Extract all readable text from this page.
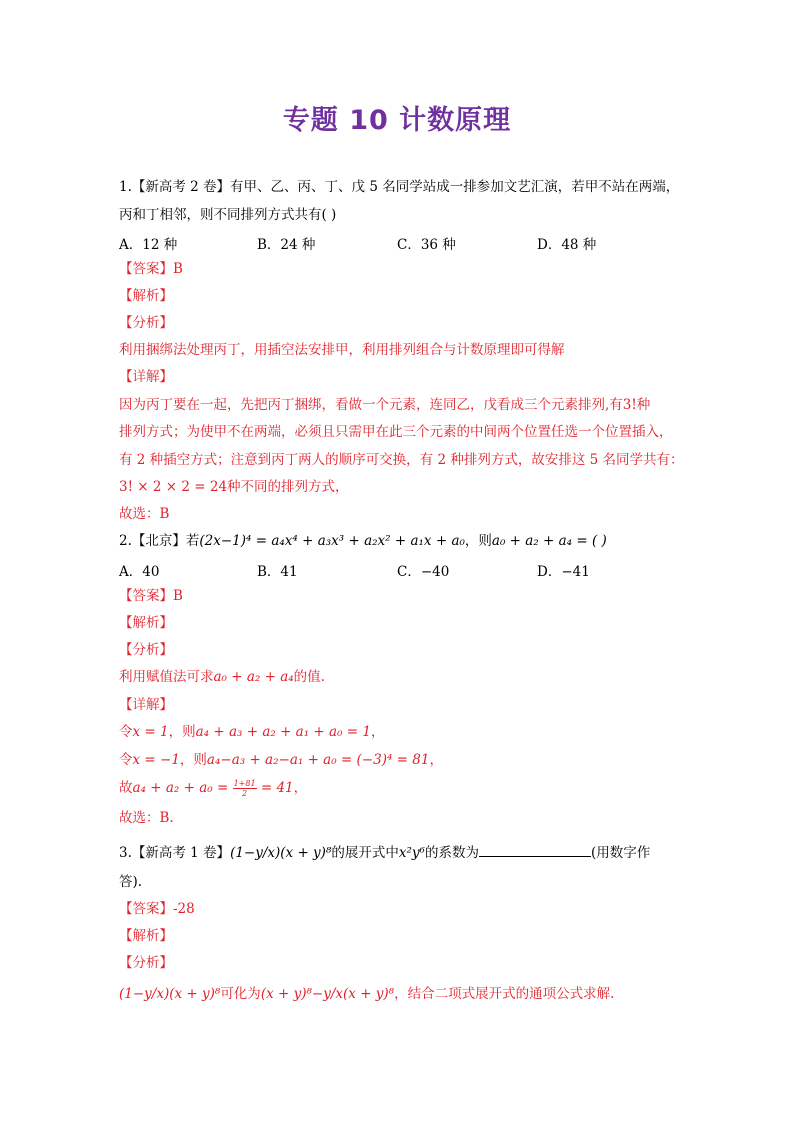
专题 10 计数原理
1.【新高考 2 卷】有甲、乙、丙、丁、戊 5 名同学站成一排参加文艺汇演，若甲不站在两端，
丙和丁相邻，则不同排列方式共有( )
A．12 种	B．24 种	C．36 种	D．48 种
【答案】B
【解析】
【分析】
利用捆绑法处理丙丁，用插空法安排甲，利用排列组合与计数原理即可得解
【详解】
因为丙丁要在一起，先把丙丁捆绑，看做一个元素，连同乙，戊看成三个元素排列,有3!种
排列方式；为使甲不在两端，必须且只需甲在此三个元素的中间两个位置任选一个位置插入，
有 2 种插空方式；注意到丙丁两人的顺序可交换，有 2 种排列方式，故安排这 5 名同学共有：
3! × 2 × 2 = 24种不同的排列方式，
故选：B
2.【北京】若(2x−1)⁴ = a₄x⁴ + a₃x³ + a₂x² + a₁x + a₀，则a₀ + a₂ + a₄ = ( )
A．40	B．41	C．−40	D．−41
【答案】B
【解析】
【分析】
利用赋值法可求a₀ + a₂ + a₄的值.
【详解】
令x = 1，则a₄ + a₃ + a₂ + a₁ + a₀ = 1，
令x = −1，则a₄−a₃ + a₂−a₁ + a₀ = (−3)⁴ = 81，
故$a_4 + a_2 + a_0 = \frac{1+81}{2} = 41$，
故选：B.
3.【新高考 1 卷】(1−y/x)(x + y)⁸的展开式中x²y⁶的系数为	(用数字作
答).
【答案】-28
【解析】
【分析】
(1−y/x)(x + y)⁸可化为(x + y)⁸−y/x(x + y)⁸，结合二项式展开式的通项公式求解.
